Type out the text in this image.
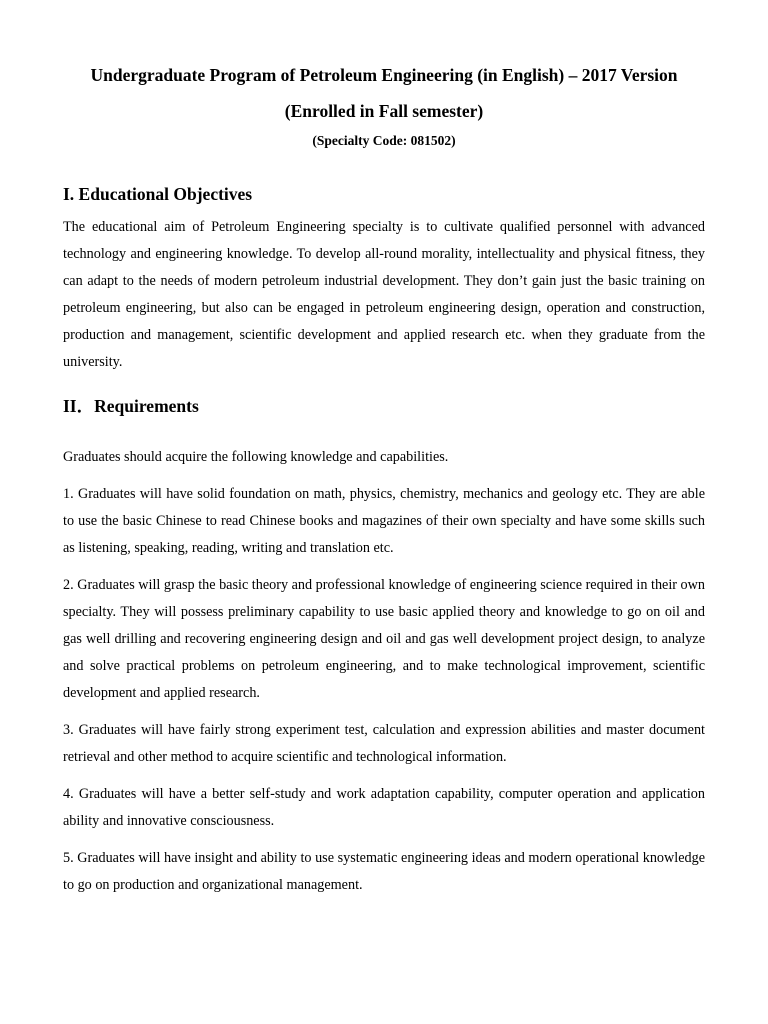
Undergraduate Program of Petroleum Engineering (in English) – 2017 Version

(Enrolled in Fall semester)

(Specialty Code: 081502)

I. Educational Objectives

The educational aim of Petroleum Engineering specialty is to cultivate qualified personnel with advanced technology and engineering knowledge. To develop all-round morality, intellectuality and physical fitness, they can adapt to the needs of modern petroleum industrial development. They don’t gain just the basic training on petroleum engineering, but also can be engaged in petroleum engineering design, operation and construction, production and management, scientific development and applied research etc. when they graduate from the university.

II．Requirements

Graduates should acquire the following knowledge and capabilities.

1. Graduates will have solid foundation on math, physics, chemistry, mechanics and geology etc. They are able to use the basic Chinese to read Chinese books and magazines of their own specialty and have some skills such as listening, speaking, reading, writing and translation etc.
2. Graduates will grasp the basic theory and professional knowledge of engineering science required in their own specialty. They will possess preliminary capability to use basic applied theory and knowledge to go on oil and gas well drilling and recovering engineering design and oil and gas well development project design, to analyze and solve practical problems on petroleum engineering, and to make technological improvement, scientific development and applied research.
3. Graduates will have fairly strong experiment test, calculation and expression abilities and master document retrieval and other method to acquire scientific and technological information.
4. Graduates will have a better self-study and work adaptation capability, computer operation and application ability and innovative consciousness.
5. Graduates will have insight and ability to use systematic engineering ideas and modern operational knowledge to go on production and organizational management.
